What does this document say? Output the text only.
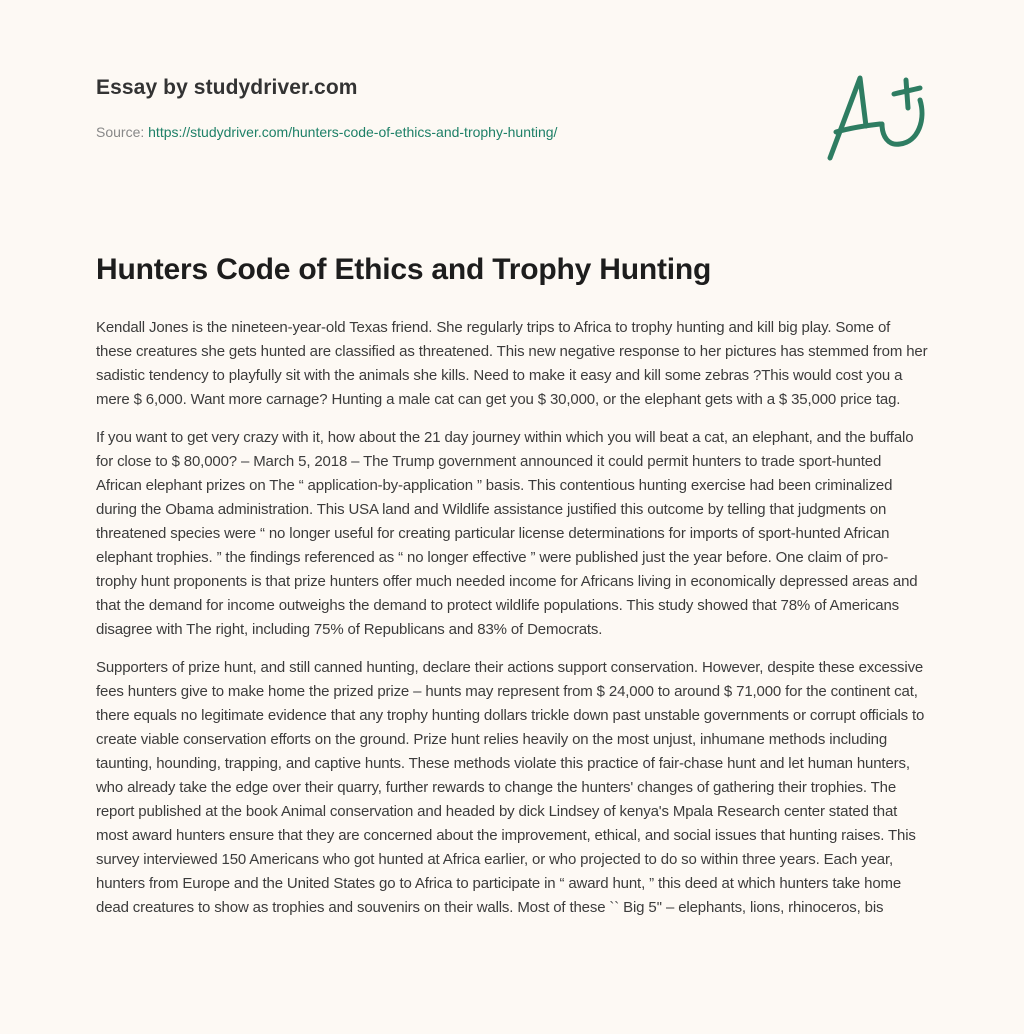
Essay by studydriver.com
Source: https://studydriver.com/hunters-code-of-ethics-and-trophy-hunting/
Hunters Code of Ethics and Trophy Hunting

Kendall Jones is the nineteen-year-old Texas friend. She regularly trips to Africa to trophy hunting and kill big play. Some of these creatures she gets hunted are classified as threatened. This new negative response to her pictures has stemmed from her sadistic tendency to playfully sit with the animals she kills. Need to make it easy and kill some zebras ?This would cost you a mere $ 6,000. Want more carnage? Hunting a male cat can get you $ 30,000, or the elephant gets with a $ 35,000 price tag.

If you want to get very crazy with it, how about the 21 day journey within which you will beat a cat, an elephant, and the buffalo for close to $ 80,000? – March 5, 2018 – The Trump government announced it could permit hunters to trade sport-hunted African elephant prizes on The “ application-by-application ” basis. This contentious hunting exercise had been criminalized during the Obama administration. This USA land and Wildlife assistance justified this outcome by telling that judgments on threatened species were “ no longer useful for creating particular license determinations for imports of sport-hunted African elephant trophies. ” the findings referenced as “ no longer effective ” were published just the year before. One claim of pro-trophy hunt proponents is that prize hunters offer much needed income for Africans living in economically depressed areas and that the demand for income outweighs the demand to protect wildlife populations. This study showed that 78% of Americans disagree with The right, including 75% of Republicans and 83% of Democrats.

Supporters of prize hunt, and still canned hunting, declare their actions support conservation. However, despite these excessive fees hunters give to make home the prized prize – hunts may represent from $ 24,000 to around $ 71,000 for the continent cat, there equals no legitimate evidence that any trophy hunting dollars trickle down past unstable governments or corrupt officials to create viable conservation efforts on the ground. Prize hunt relies heavily on the most unjust, inhumane methods including taunting, hounding, trapping, and captive hunts. These methods violate this practice of fair-chase hunt and let human hunters, who already take the edge over their quarry, further rewards to change the hunters' changes of gathering their trophies. The report published at the book Animal conservation and headed by dick Lindsey of kenya's Mpala Research center stated that most award hunters ensure that they are concerned about the improvement, ethical, and social issues that hunting raises. This survey interviewed 150 Americans who got hunted at Africa earlier, or who projected to do so within three years. Each year, hunters from Europe and the United States go to Africa to participate in “ award hunt, ” this deed at which hunters take home dead creatures to show as trophies and souvenirs on their walls. Most of these `` Big 5'' – elephants, lions, rhinoceros, bis
